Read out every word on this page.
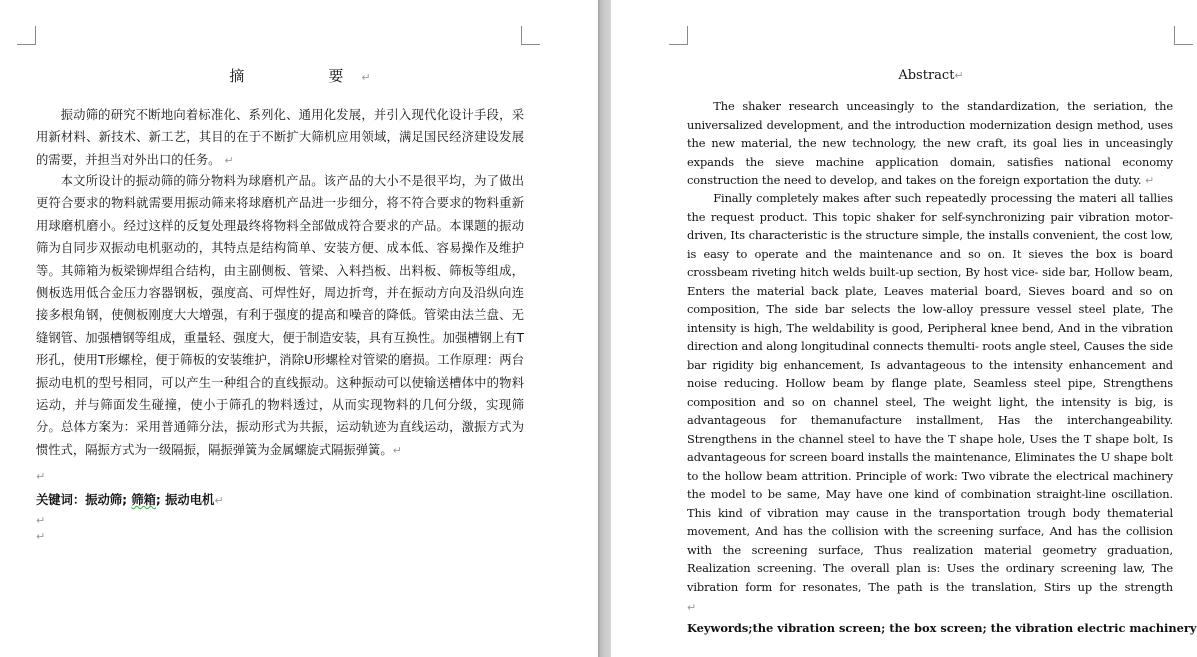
摘　　要↵

振动筛的研究不断地向着标准化、系列化、通用化发展，并引入现代化设计手段，采用新材料、新技术、新工艺，其目的在于不断扩大筛机应用领域，满足国民经济建设发展的需要，并担当对外出口的任务。 ↵

本文所设计的振动筛的筛分物料为球磨机产品。该产品的大小不是很平均，为了做出更符合要求的物料就需要用振动筛来将球磨机产品进一步细分，将不符合要求的物料重新用球磨机磨小。经过这样的反复处理最终将物料全部做成符合要求的产品。本课题的振动筛为自同步双振动电机驱动的，其特点是结构简单、安装方便、成本低、容易操作及维护等。其筛箱为板梁铆焊组合结构，由主副侧板、管梁、入料挡板、出料板、筛板等组成，侧板选用低合金压力容器钢板，强度高、可焊性好，周边折弯，并在振动方向及沿纵向连接多根角钢，使侧板刚度大大增强，有利于强度的提高和噪音的降低。管梁由法兰盘、无缝钢管、加强槽钢等组成，重量轻、强度大，便于制造安装，具有互换性。加强槽钢上有T形孔，使用T形螺栓，便于筛板的安装维护，消除U形螺栓对管梁的磨损。工作原理：两台振动电机的型号相同，可以产生一种组合的直线振动。这种振动可以使输送槽体中的物料运动，并与筛面发生碰撞，使小于筛孔的物料透过，从而实现物料的几何分级，实现筛分。总体方案为：采用普通筛分法，振动形式为共振，运动轨迹为直线运动，激振方式为惯性式，隔振方式为一级隔振，隔振弹簧为金属螺旋式隔振弹簧。↵

↵
关键词：振动筛; 筛箱; 振动电机↵
↵
↵
Abstract↵

The shaker research unceasingly to the standardization, the seriation, the universalized development, and the introduction modernization design method, uses the new material, the new technology, the new craft, its goal lies in unceasingly expands the sieve machine application domain, satisfies national economy construction the need to develop, and takes on the foreign exportation the duty. ↵

Finally completely makes after such repeatedly processing the materi all tallies the request product. This topic shaker for self-synchronizing pair vibration motor-driven, Its characteristic is the structure simple, the installs convenient, the cost low, is easy to operate and the maintenance and so on. It sieves the box is board crossbeam riveting hitch welds built-up section, By host vice- side bar, Hollow beam, Enters the material back plate, Leaves material board, Sieves board and so on composition, The side bar selects the low-alloy pressure vessel steel plate, The intensity is high, The weldability is good, Peripheral knee bend, And in the vibration direction and along longitudinal connects themulti- roots angle steel, Causes the side bar rigidity big enhancement, Is advantageous to the intensity enhancement and noise reducing. Hollow beam by flange plate, Seamless steel pipe, Strengthens composition and so on channel steel, The weight light, the intensity is big, is advantageous for themanufacture installment, Has the interchangeability. Strengthens in the channel steel to have the T shape hole, Uses the T shape bolt, Is advantageous for screen board installs the maintenance, Eliminates the U shape bolt to the hollow beam attrition. Principle of work: Two vibrate the electrical machinery the model to be same, May have one kind of combination straight-line oscillation. This kind of vibration may cause in the transportation trough body thematerial movement, And has the collision with the screening surface, And has the collision with the screening surface, Thus realization material geometry graduation, Realization screening. The overall plan is: Uses the ordinary screening law, The vibration form for resonates, The path is the translation, Stirs up the strength

↵
Keywords;the vibration screen; the box screen; the vibration electric machinery
